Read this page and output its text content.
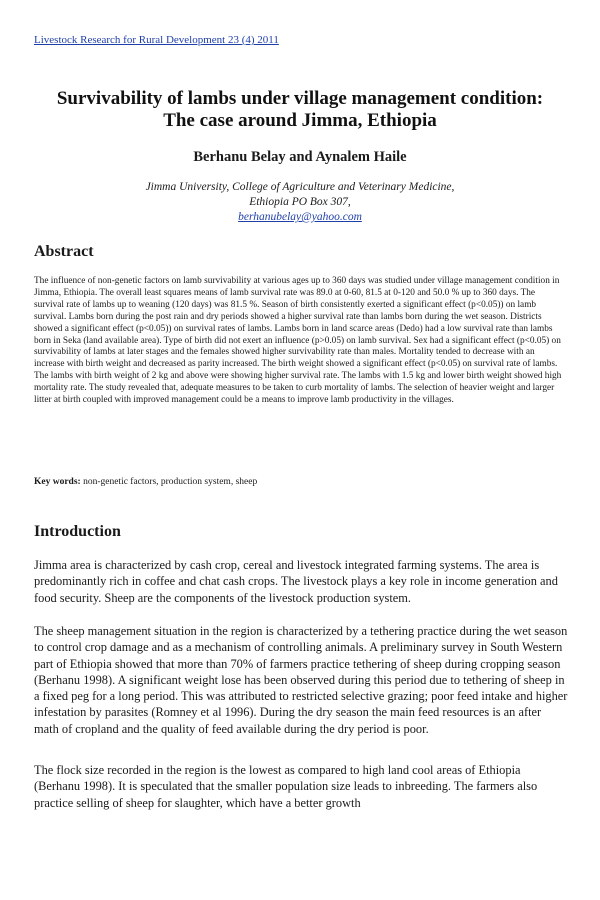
Livestock Research for Rural Development 23 (4) 2011
Survivability of lambs under village management condition:
The case around Jimma, Ethiopia
Berhanu Belay and Aynalem Haile
Jimma University, College of Agriculture and Veterinary Medicine,
Ethiopia PO Box 307,
berhanubelay@yahoo.com
Abstract

The influence of non-genetic factors on lamb survivability at various ages up to 360 days was studied under village management condition in Jimma, Ethiopia. The overall least squares means of lamb survival rate was 89.0 at 0-60, 81.5 at 0-120 and 50.0 % up to 360 days. The survival rate of lambs up to weaning (120 days) was 81.5 %. Season of birth consistently exerted a significant effect (p<0.05)) on lamb survival. Lambs born during the post rain and dry periods showed a higher survival rate than lambs born during the wet season. Districts showed a significant effect (p<0.05)) on survival rates of lambs. Lambs born in land scarce areas (Dedo) had a low survival rate than lambs born in Seka (land available area). Type of birth did not exert an influence (p>0.05) on lamb survival. Sex had a significant effect (p<0.05) on survivability of lambs at later stages and the females showed higher survivability rate than males. Mortality tended to decrease with an increase with birth weight and decreased as parity increased. The birth weight showed a significant effect (p<0.05) on survival rate of lambs. The lambs with birth weight of 2 kg and above were showing higher survival rate. The lambs with 1.5 kg and lower birth weight showed high mortality rate. The study revealed that, adequate measures to be taken to curb mortality of lambs. The selection of heavier weight and larger litter at birth coupled with improved management could be a means to improve lamb productivity in the villages.

Key words: non-genetic factors, production system, sheep

Introduction

Jimma area is characterized by cash crop, cereal and livestock integrated farming systems. The area is predominantly rich in coffee and chat cash crops. The livestock plays a key role in income generation and food security. Sheep are the components of the livestock production system.

The sheep management situation in the region is characterized by a tethering practice during the wet season to control crop damage and as a mechanism of controlling animals. A preliminary survey in South Western part of Ethiopia showed that more than 70% of farmers practice tethering of sheep during cropping season (Berhanu 1998). A significant weight lose has been observed during this period due to tethering of sheep in a fixed peg for a long period. This was attributed to restricted selective grazing; poor feed intake and higher infestation by parasites (Romney et al 1996). During the dry season the main feed resources is an after math of cropland and the quality of feed available during the dry period is poor.

The flock size recorded in the region is the lowest as compared to high land cool areas of Ethiopia (Berhanu 1998). It is speculated that the smaller population size leads to inbreeding. The farmers also practice selling of sheep for slaughter, which have a better growth
